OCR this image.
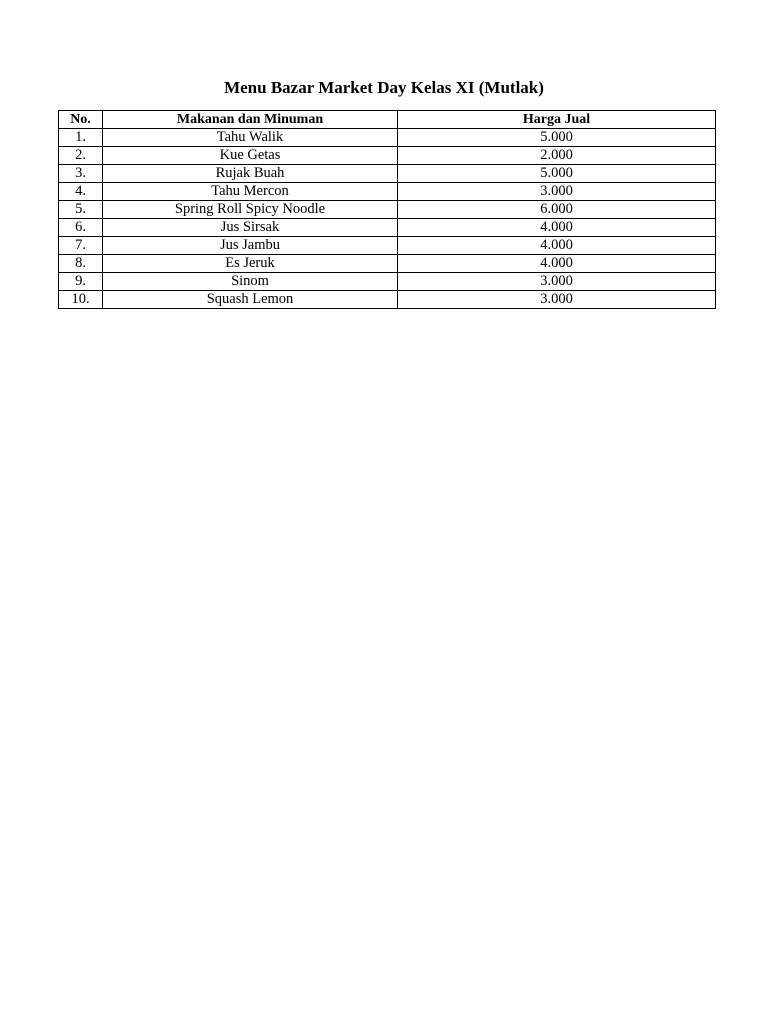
Menu Bazar Market Day Kelas XI (Mutlak)
No.	Makanan dan Minuman	Harga Jual
1.	Tahu Walik	5.000
2.	Kue Getas	2.000
3.	Rujak Buah	5.000
4.	Tahu Mercon	3.000
5.	Spring Roll Spicy Noodle	6.000
6.	Jus Sirsak	4.000
7.	Jus Jambu	4.000
8.	Es Jeruk	4.000
9.	Sinom	3.000
10.	Squash Lemon	3.000
